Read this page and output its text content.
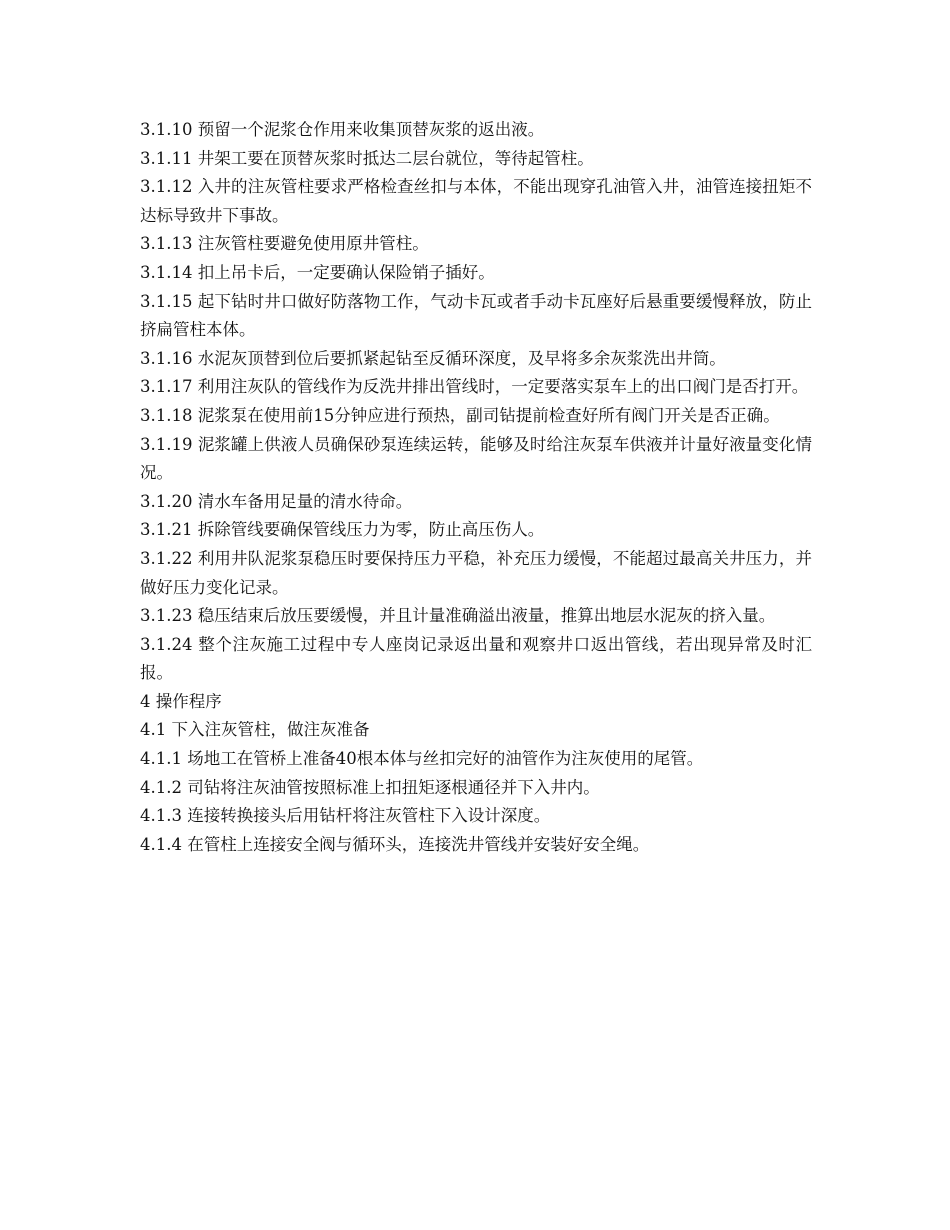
3.1.10 预留一个泥浆仓作用来收集顶替灰浆的返出液。

3.1.11 井架工要在顶替灰浆时抵达二层台就位，等待起管柱。

3.1.12 入井的注灰管柱要求严格检查丝扣与本体，不能出现穿孔油管入井，油管连接扭矩不达标导致井下事故。

3.1.13 注灰管柱要避免使用原井管柱。

3.1.14 扣上吊卡后，一定要确认保险销子插好。

3.1.15 起下钻时井口做好防落物工作，气动卡瓦或者手动卡瓦座好后悬重要缓慢释放，防止挤扁管柱本体。

3.1.16 水泥灰顶替到位后要抓紧起钻至反循环深度，及早将多余灰浆洗出井筒。

3.1.17 利用注灰队的管线作为反洗井排出管线时，一定要落实泵车上的出口阀门是否打开。

3.1.18 泥浆泵在使用前15分钟应进行预热，副司钻提前检查好所有阀门开关是否正确。

3.1.19 泥浆罐上供液人员确保砂泵连续运转，能够及时给注灰泵车供液并计量好液量变化情况。

3.1.20 清水车备用足量的清水待命。

3.1.21 拆除管线要确保管线压力为零，防止高压伤人。

3.1.22 利用井队泥浆泵稳压时要保持压力平稳，补充压力缓慢，不能超过最高关井压力，并做好压力变化记录。

3.1.23 稳压结束后放压要缓慢，并且计量准确溢出液量，推算出地层水泥灰的挤入量。

3.1.24 整个注灰施工过程中专人座岗记录返出量和观察井口返出管线，若出现异常及时汇报。

4 操作程序

4.1 下入注灰管柱，做注灰准备

4.1.1 场地工在管桥上准备40根本体与丝扣完好的油管作为注灰使用的尾管。

4.1.2 司钻将注灰油管按照标准上扣扭矩逐根通径并下入井内。

4.1.3 连接转换接头后用钻杆将注灰管柱下入设计深度。

4.1.4 在管柱上连接安全阀与循环头，连接洗井管线并安装好安全绳。
